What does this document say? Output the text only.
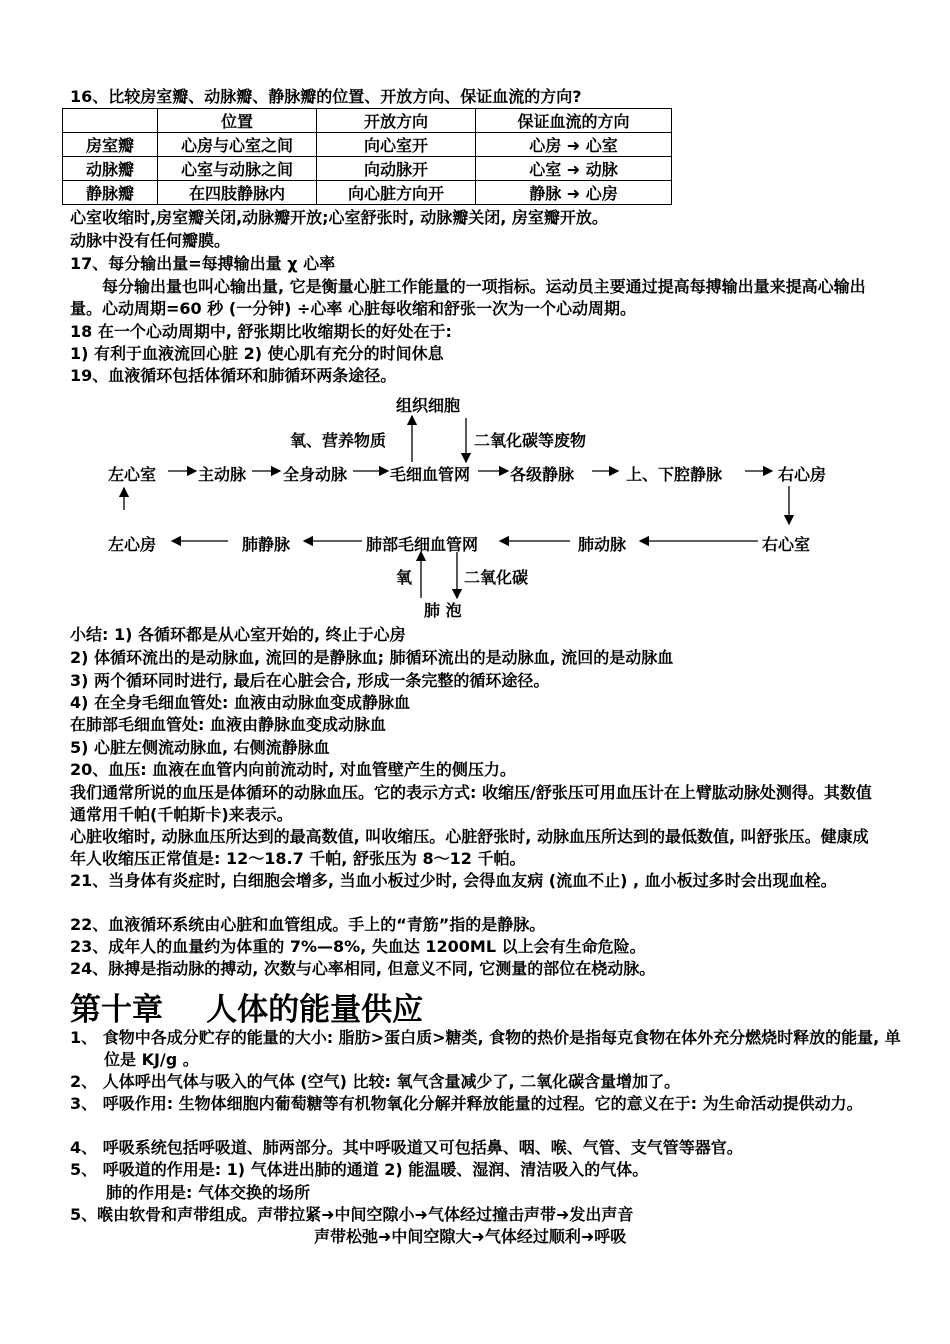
16、比较房室瓣、动脉瓣、静脉瓣的位置、开放方向、保证血流的方向?
	位置	开放方向	保证血流的方向
房室瓣	心房与心室之间	向心室开	心房 ➜ 心室
动脉瓣	心室与动脉之间	向动脉开	心室 ➜ 动脉
静脉瓣	在四肢静脉内	向心脏方向开	静脉 ➜ 心房
心室收缩时,房室瓣关闭,动脉瓣开放;心室舒张时, 动脉瓣关闭, 房室瓣开放。
动脉中没有任何瓣膜。
17、每分输出量=每搏输出量 χ 心率
每分输出量也叫心输出量, 它是衡量心脏工作能量的一项指标。运动员主要通过提高每搏输出量来提高心输出量。心动周期=60 秒 (一分钟) ÷心率 心脏每收缩和舒张一次为一个心动周期。
18 在一个心动周期中, 舒张期比收缩期长的好处在于:
1) 有利于血液流回心脏 2) 使心肌有充分的时间休息
19、血液循环包括体循环和肺循环两条途径。
组织细胞
氧、营养物质	二氧化碳等废物
左心室	主动脉 全身动脉	毛细血管网 各级静脉	上、下腔静脉	右心房
左心房	肺静脉	肺部毛细血管网	肺动脉	右心室
氧	二氧化碳
肺 泡
小结: 1) 各循环都是从心室开始的, 终止于心房
2) 体循环流出的是动脉血, 流回的是静脉血; 肺循环流出的是动脉血, 流回的是动脉血
3) 两个循环同时进行, 最后在心脏会合, 形成一条完整的循环途径。
4) 在全身毛细血管处: 血液由动脉血变成静脉血
在肺部毛细血管处: 血液由静脉血变成动脉血
5) 心脏左侧流动脉血, 右侧流静脉血
20、血压: 血液在血管内向前流动时, 对血管壁产生的侧压力。
我们通常所说的血压是体循环的动脉血压。它的表示方式: 收缩压/舒张压可用血压计在上臂肱动脉处测得。其数值通常用千帕(千帕斯卡)来表示。
心脏收缩时, 动脉血压所达到的最高数值, 叫收缩压。心脏舒张时, 动脉血压所达到的最低数值, 叫舒张压。健康成年人收缩压正常值是: 12～18.7 千帕, 舒张压为 8～12 千帕。
21、当身体有炎症时, 白细胞会增多, 当血小板过少时, 会得血友病 (流血不止) , 血小板过多时会出现血栓。
22、血液循环系统由心脏和血管组成。手上的“青筋”指的是静脉。
23、成年人的血量约为体重的 7%—8%, 失血达 1200ML 以上会有生命危险。
24、脉搏是指动脉的搏动, 次数与心率相同, 但意义不同, 它测量的部位在桡动脉。
第十章    人体的能量供应
1、 食物中各成分贮存的能量的大小: 脂肪>蛋白质>糖类, 食物的热价是指每克食物在体外充分燃烧时释放的能量, 单位是 KJ/g 。
2、 人体呼出气体与吸入的气体 (空气) 比较: 氧气含量减少了, 二氧化碳含量增加了。
3、 呼吸作用: 生物体细胞内葡萄糖等有机物氧化分解并释放能量的过程。它的意义在于: 为生命活动提供动力。
4、 呼吸系统包括呼吸道、肺两部分。其中呼吸道又可包括鼻、咽、喉、气管、支气管等器官。
5、 呼吸道的作用是: 1) 气体进出肺的通道 2) 能温暖、湿润、清洁吸入的气体。
肺的作用是: 气体交换的场所
5、喉由软骨和声带组成。声带拉紧➜中间空隙小➜气体经过撞击声带➜发出声音
声带松弛➜中间空隙大➜气体经过顺利➜呼吸
